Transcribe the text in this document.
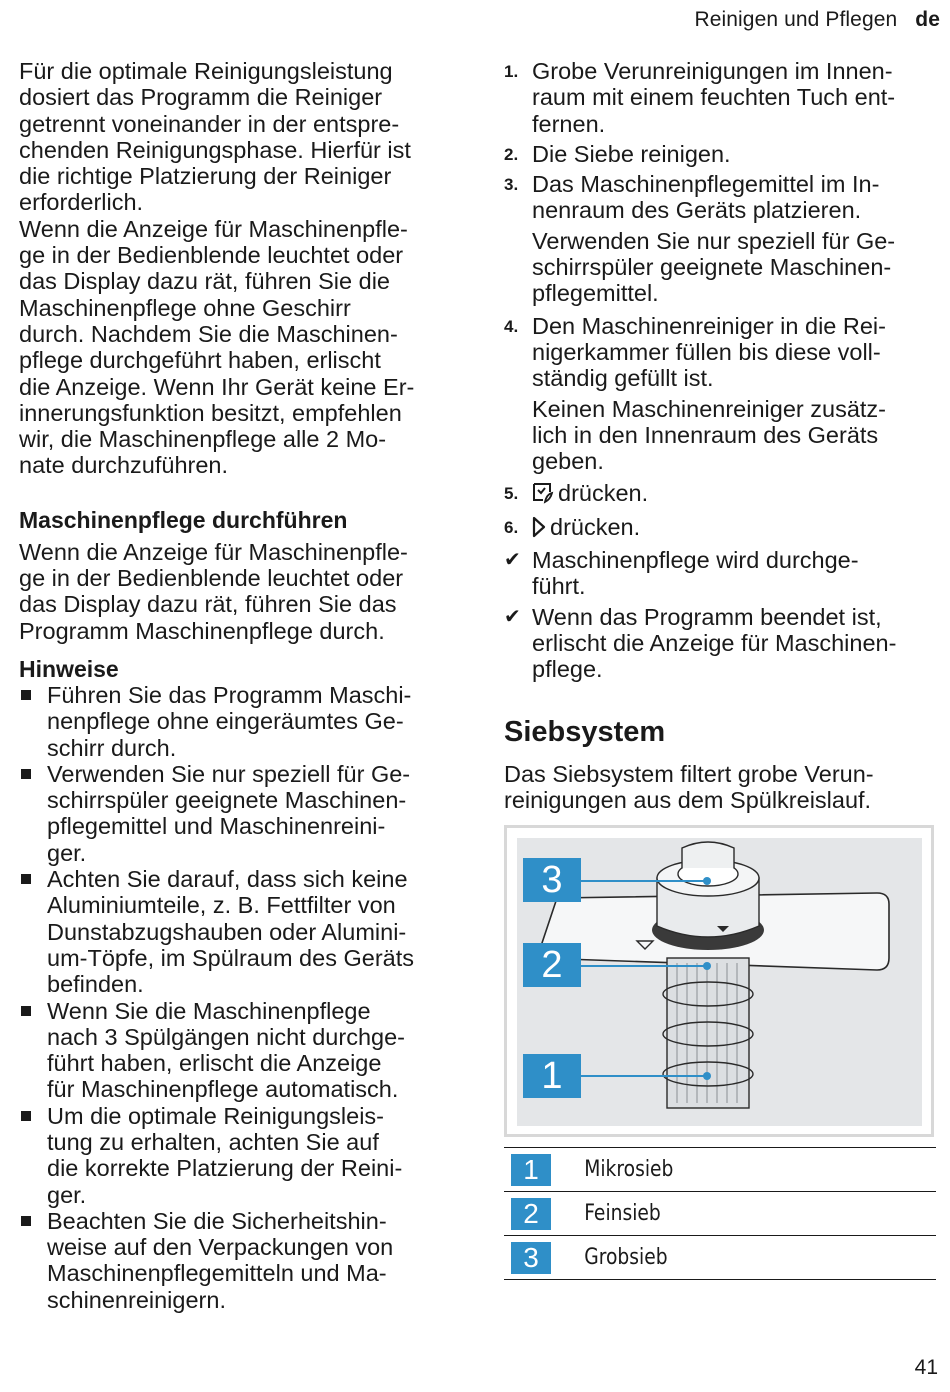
Reinigen und Pflegen de

Für die optimale Reinigungsleistung
dosiert das Programm die Reiniger
getrennt voneinander in der entspre-
chenden Reinigungsphase. Hierfür ist
die richtige Platzierung der Reiniger
erforderlich.

Wenn die Anzeige für Maschinenpfle-
ge in der Bedienblende leuchtet oder
das Display dazu rät, führen Sie die
Maschinenpflege ohne Geschirr
durch. Nachdem Sie die Maschinen-
pflege durchgeführt haben, erlischt
die Anzeige. Wenn Ihr Gerät keine Er-
innerungsfunktion besitzt, empfehlen
wir, die Maschinenpflege alle 2 Mo-
nate durchzuführen.

Maschinenpflege durchführen

Wenn die Anzeige für Maschinenpfle-
ge in der Bedienblende leuchtet oder
das Display dazu rät, führen Sie das
Programm Maschinenpflege durch.

Hinweise
Führen Sie das Programm Maschi-
nenpflege ohne eingeräumtes Ge-
schirr durch.
Verwenden Sie nur speziell für Ge-
schirrspüler geeignete Maschinen-
pflegemittel und Maschinenreini-
ger.
Achten Sie darauf, dass sich keine
Aluminiumteile, z. B. Fettfilter von
Dunstabzugshauben oder Alumini-
um-Töpfe, im Spülraum des Geräts
befinden.
Wenn Sie die Maschinenpflege
nach 3 Spülgängen nicht durchge-
führt haben, erlischt die Anzeige
für Maschinenpflege automatisch.
Um die optimale Reinigungsleis-
tung zu erhalten, achten Sie auf
die korrekte Platzierung der Reini-
ger.
Beachten Sie die Sicherheitshin-
weise auf den Verpackungen von
Maschinenpflegemitteln und Ma-
schinenreinigern.
1. Grobe Verunreinigungen im Innen-
raum mit einem feuchten Tuch ent-
fernen.
2. Die Siebe reinigen.
3. Das Maschinenpflegemittel im In-
nenraum des Geräts platzieren.

Verwenden Sie nur speziell für Ge-
schirrspüler geeignete Maschinen-
pflegemittel.

4. Den Maschinenreiniger in die Rei-
nigerkammer füllen bis diese voll-
ständig gefüllt ist.

Keinen Maschinenreiniger zusätz-
lich in den Innenraum des Geräts
geben.

5. drücken.
6. drücken.
✔ Maschinenpflege wird durchge-
führt.
✔ Wenn das Programm beendet ist,
erlischt die Anzeige für Maschinen-
pflege.
Siebsystem

Das Siebsystem filtert grobe Verun-
reinigungen aus dem Spülkreislauf.

3
2
1
1	Mikrosieb
2	Feinsieb
3	Grobsieb
41
